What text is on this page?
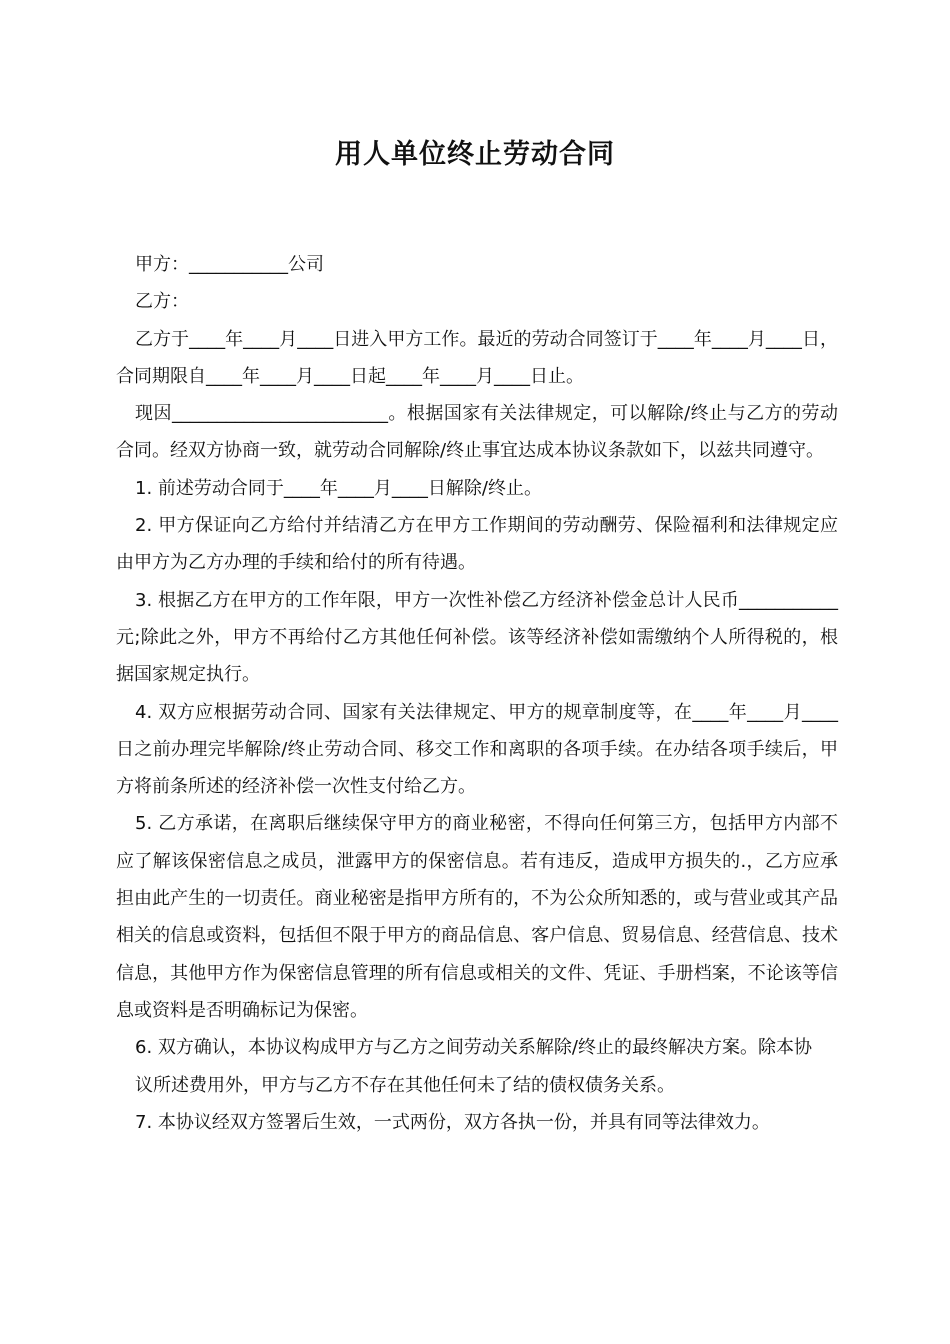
用人单位终止劳动合同

甲方：___________公司

乙方：

乙方于____年____月____日进入甲方工作。最近的劳动合同签订于____年____月____日，合同期限自____年____月____日起____年____月____日止。

现因________________________。根据国家有关法律规定，可以解除/终止与乙方的劳动合同。经双方协商一致，就劳动合同解除/终止事宜达成本协议条款如下，以兹共同遵守。

1. 前述劳动合同于____年____月____日解除/终止。

2. 甲方保证向乙方给付并结清乙方在甲方工作期间的劳动酬劳、保险福利和法律规定应由甲方为乙方办理的手续和给付的所有待遇。

3. 根据乙方在甲方的工作年限，甲方一次性补偿乙方经济补偿金总计人民币___________元;除此之外，甲方不再给付乙方其他任何补偿。该等经济补偿如需缴纳个人所得税的，根据国家规定执行。

4. 双方应根据劳动合同、国家有关法律规定、甲方的规章制度等，在____年____月____日之前办理完毕解除/终止劳动合同、移交工作和离职的各项手续。在办结各项手续后，甲方将前条所述的经济补偿一次性支付给乙方。

5. 乙方承诺，在离职后继续保守甲方的商业秘密，不得向任何第三方，包括甲方内部不应了解该保密信息之成员，泄露甲方的保密信息。若有违反，造成甲方损失的.，乙方应承担由此产生的一切责任。商业秘密是指甲方所有的，不为公众所知悉的，或与营业或其产品相关的信息或资料，包括但不限于甲方的商品信息、客户信息、贸易信息、经营信息、技术信息，其他甲方作为保密信息管理的所有信息或相关的文件、凭证、手册档案，不论该等信息或资料是否明确标记为保密。

6. 双方确认，本协议构成甲方与乙方之间劳动关系解除/终止的最终解决方案。除本协

议所述费用外，甲方与乙方不存在其他任何未了结的债权债务关系。

7. 本协议经双方签署后生效，一式两份，双方各执一份，并具有同等法律效力。
